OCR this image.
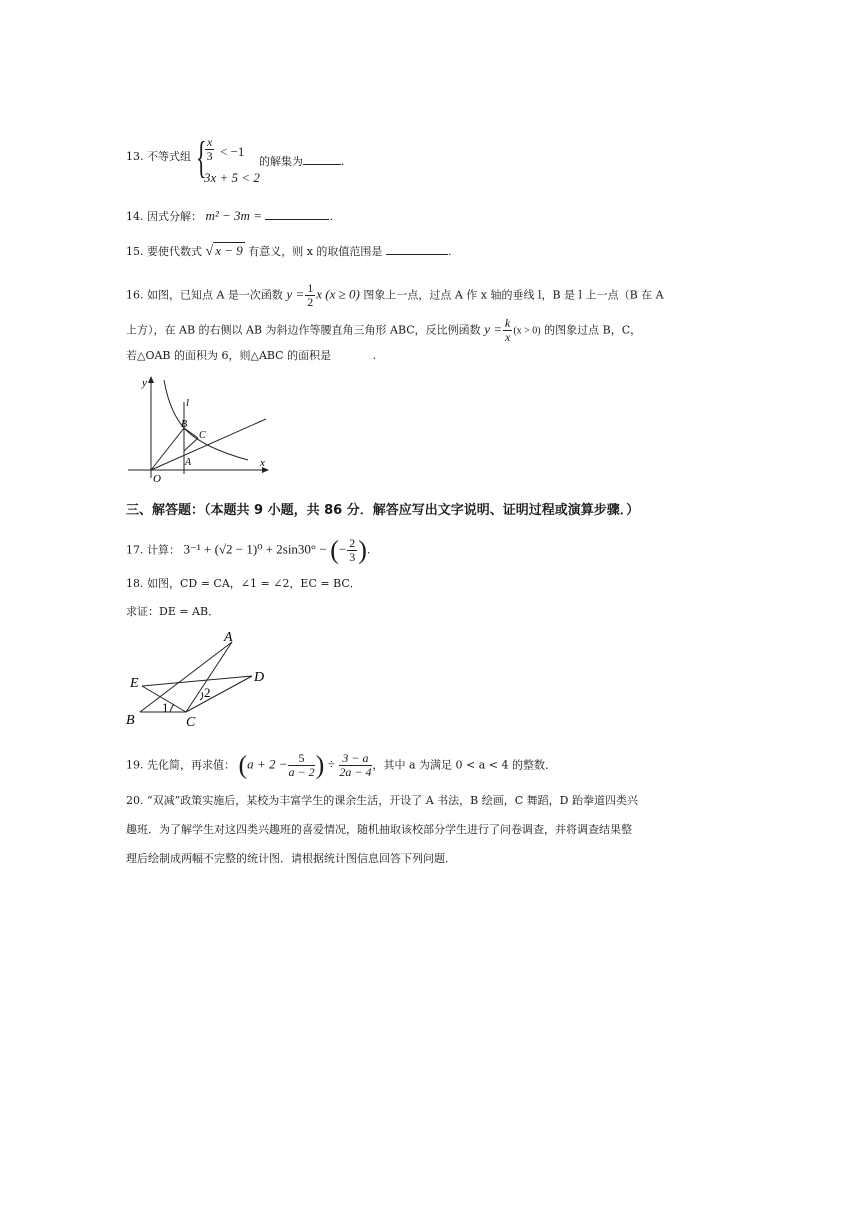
13. 不等式组 {
$\frac{x}{3} < -1$
3x + 5 < 2
的解集为	.
14. 因式分解： m² − 3m =	.
15. 要使代数式 √ x − 9 有意义，则 x 的取值范围是	.
16. 如图，已知点 A 是一次函数 $y = \frac{1}{2}$ x (x ≥ 0) 图象上一点，过点 A 作 x 轴的垂线 l，B 是 l 上一点（B 在 A
上方），在 AB 的右侧以 AB 为斜边作等腰直角三角形 ABC，反比例函数 $y = \frac{k}{x} (x > 0)$ 的图象过点 B，C，
若△OAB 的面积为 6，则△ABC 的面积是	.
y
x
O
l
B
C
A
三、解答题：（本题共 9 小题，共 86 分．解答应写出文字说明、证明过程或演算步骤．）
17. 计算： 3⁻¹ + (√2 − 1)⁰ + 2sin30° − (− $\frac{2}{3}$ ).
18. 如图，CD = CA，∠1 = ∠2，EC = BC．
求证：DE = AB．
A
E	D
B	C
1
2
19. 先化简，再求值： ($a + 2 - \frac{5}{a - 2}$ ) ÷ $\frac{3 - a}{2a - 4}$ ，其中 a 为满足 0 < a < 4 的整数．
20. “双减”政策实施后，某校为丰富学生的课余生活，开设了 A 书法，B 绘画，C 舞蹈，D 跆拳道四类兴
趣班．为了解学生对这四类兴趣班的喜爱情况，随机抽取该校部分学生进行了问卷调查，并将调查结果整
理后绘制成两幅不完整的统计图．请根据统计图信息回答下列问题．
